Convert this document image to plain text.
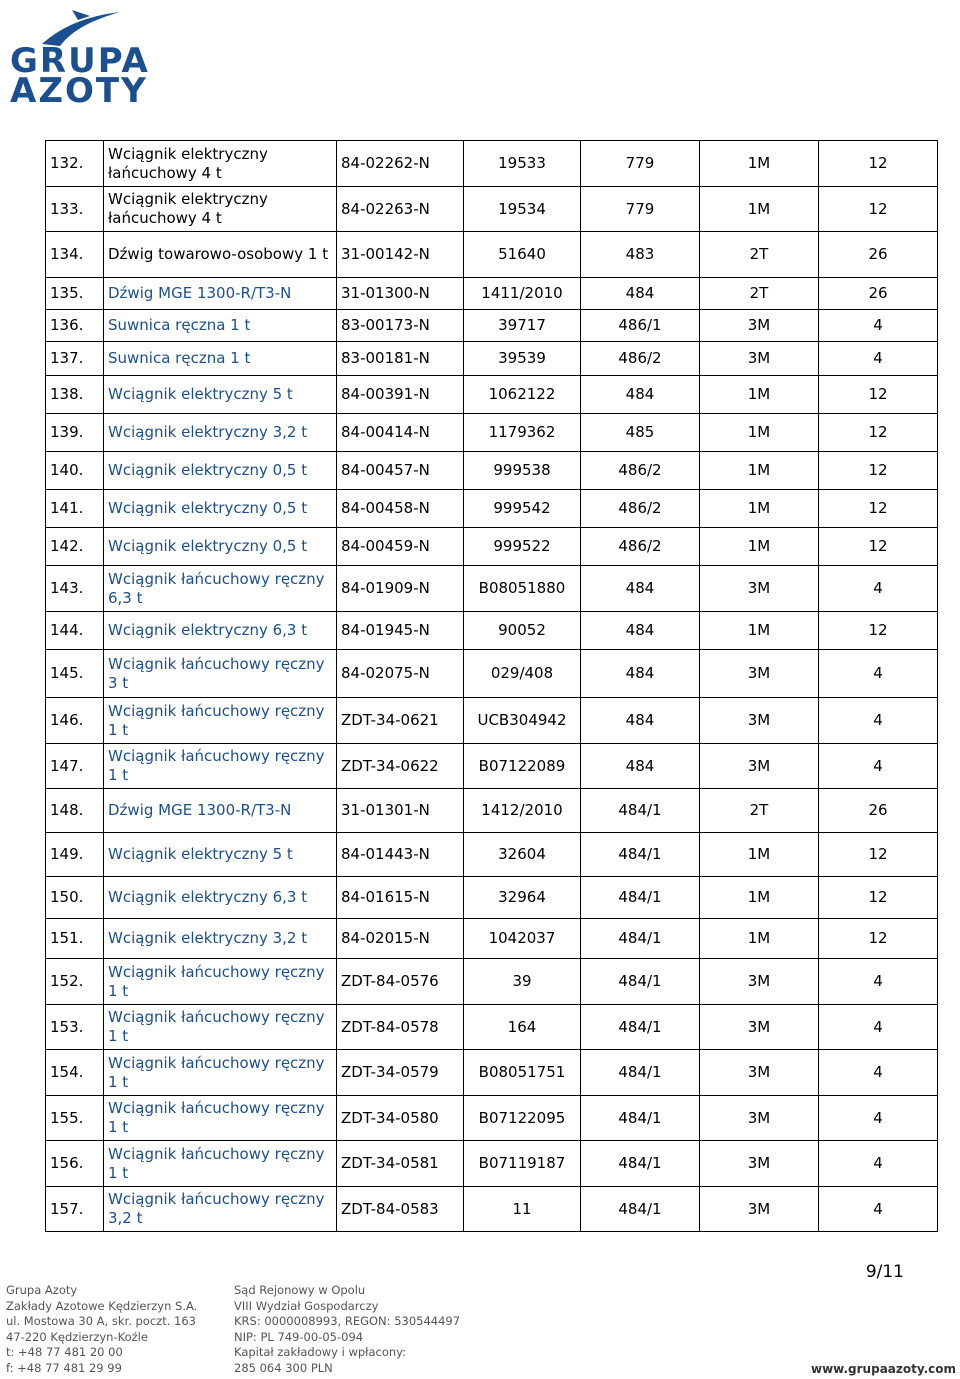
GRUPA
AZOTY
132.	Wciągnik elektryczny łańcuchowy 4 t	84-02262-N	19533	779	1M	12
133.	Wciągnik elektryczny łańcuchowy 4 t	84-02263-N	19534	779	1M	12
134.	Dźwig towarowo-osobowy 1 t	31-00142-N	51640	483	2T	26
135.	Dźwig MGE 1300-R/T3-N	31-01300-N	1411/2010	484	2T	26
136.	Suwnica ręczna 1 t	83-00173-N	39717	486/1	3M	4
137.	Suwnica ręczna 1 t	83-00181-N	39539	486/2	3M	4
138.	Wciągnik elektryczny 5 t	84-00391-N	1062122	484	1M	12
139.	Wciągnik elektryczny 3,2 t	84-00414-N	1179362	485	1M	12
140.	Wciągnik elektryczny 0,5 t	84-00457-N	999538	486/2	1M	12
141.	Wciągnik elektryczny 0,5 t	84-00458-N	999542	486/2	1M	12
142.	Wciągnik elektryczny 0,5 t	84-00459-N	999522	486/2	1M	12
143.	Wciągnik łańcuchowy ręczny 6,3 t	84-01909-N	B08051880	484	3M	4
144.	Wciągnik elektryczny 6,3 t	84-01945-N	90052	484	1M	12
145.	Wciągnik łańcuchowy ręczny 3 t	84-02075-N	029/408	484	3M	4
146.	Wciągnik łańcuchowy ręczny 1 t	ZDT-34-0621	UCB304942	484	3M	4
147.	Wciągnik łańcuchowy ręczny 1 t	ZDT-34-0622	B07122089	484	3M	4
148.	Dźwig MGE 1300-R/T3-N	31-01301-N	1412/2010	484/1	2T	26
149.	Wciągnik elektryczny 5 t	84-01443-N	32604	484/1	1M	12
150.	Wciągnik elektryczny 6,3 t	84-01615-N	32964	484/1	1M	12
151.	Wciągnik elektryczny 3,2 t	84-02015-N	1042037	484/1	1M	12
152.	Wciągnik łańcuchowy ręczny 1 t	ZDT-84-0576	39	484/1	3M	4
153.	Wciągnik łańcuchowy ręczny 1 t	ZDT-84-0578	164	484/1	3M	4
154.	Wciągnik łańcuchowy ręczny 1 t	ZDT-34-0579	B08051751	484/1	3M	4
155.	Wciągnik łańcuchowy ręczny 1 t	ZDT-34-0580	B07122095	484/1	3M	4
156.	Wciągnik łańcuchowy ręczny 1 t	ZDT-34-0581	B07119187	484/1	3M	4
157.	Wciągnik łańcuchowy ręczny 3,2 t	ZDT-84-0583	11	484/1	3M	4
9/11
Grupa Azoty
Zakłady Azotowe Kędzierzyn S.A.
ul. Mostowa 30 A, skr. poczt. 163
47-220 Kędzierzyn-Koźle
t: +48 77 481 20 00
f: +48 77 481 29 99
Sąd Rejonowy w Opolu
VIII Wydział Gospodarczy
KRS: 0000008993, REGON: 530544497
NIP: PL 749-00-05-094
Kapitał zakładowy i wpłacony:
285 064 300 PLN	www.grupaazoty.com
